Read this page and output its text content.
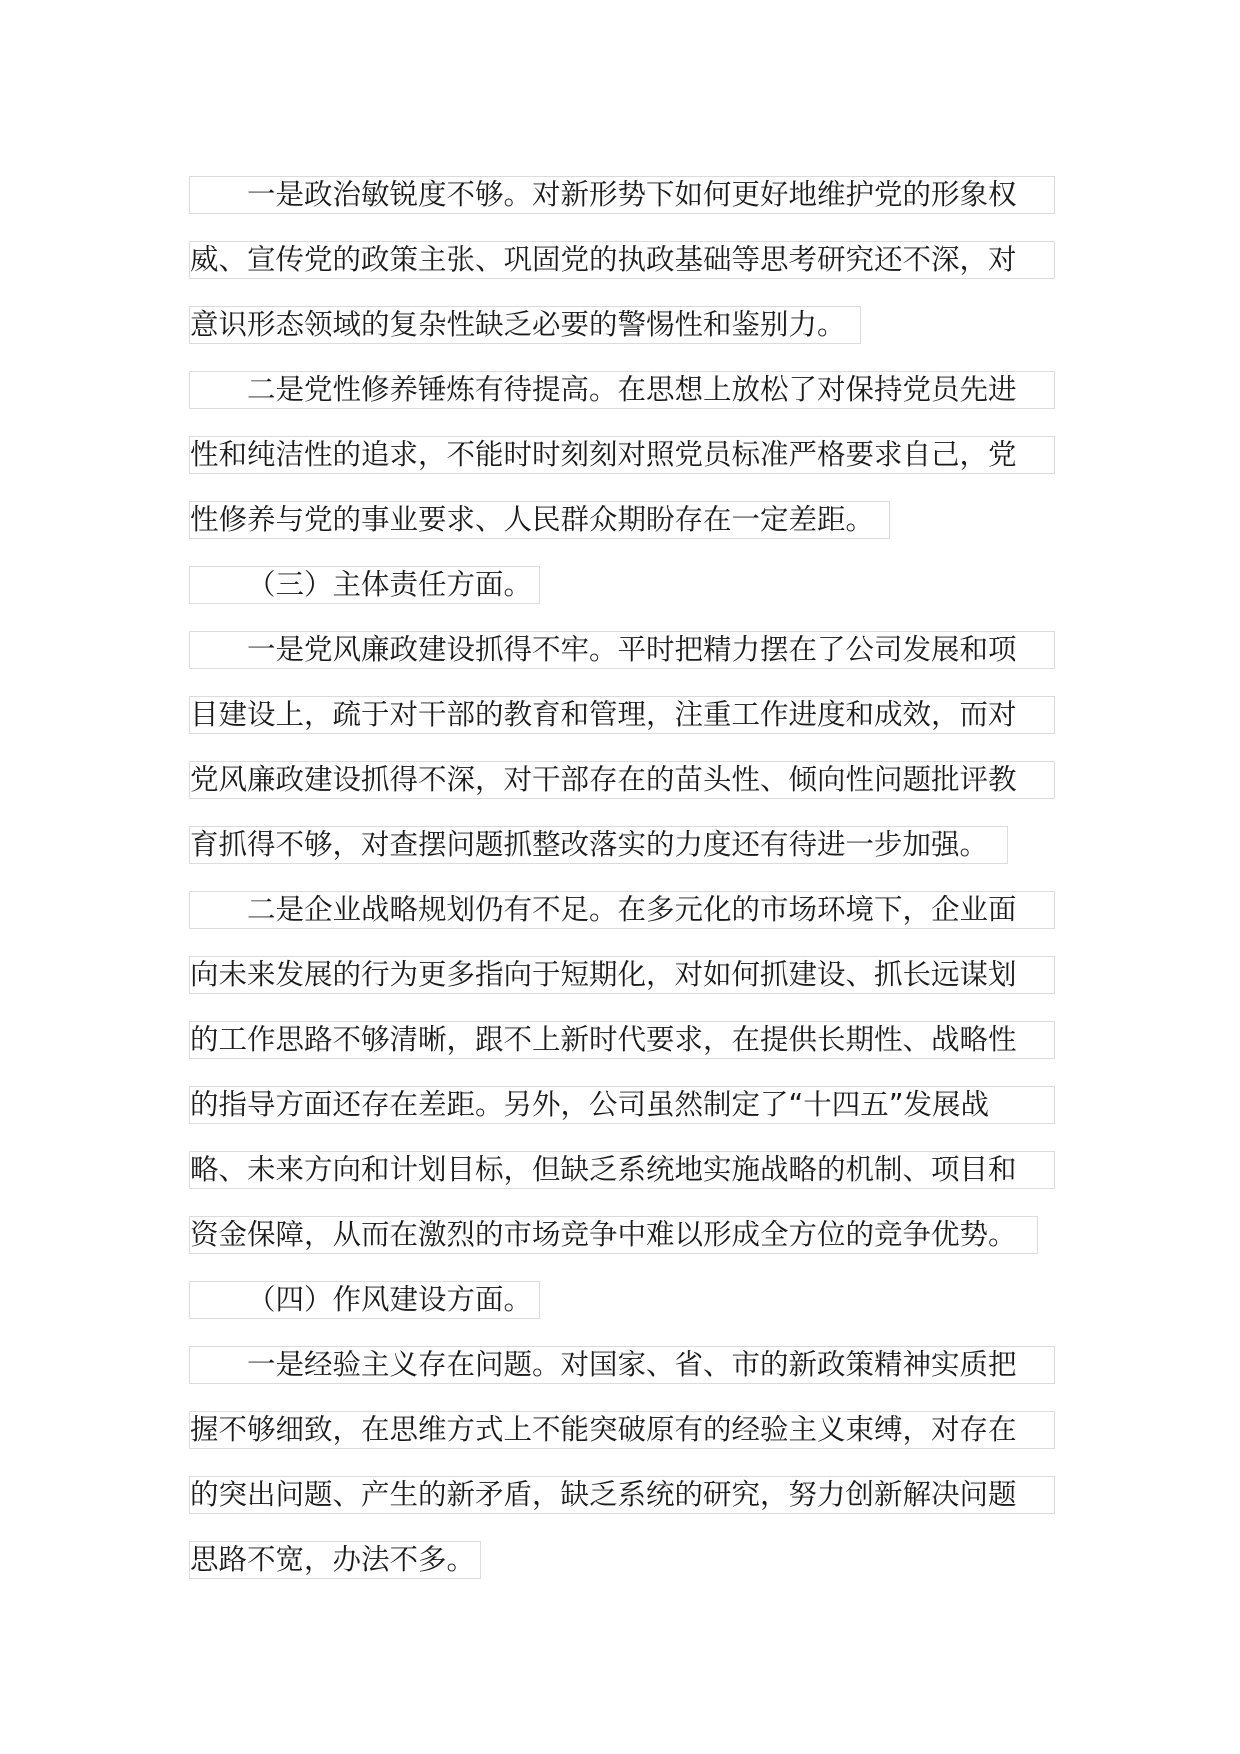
一是政治敏锐度不够。对新形势下如何更好地维护党的形象权
威、宣传党的政策主张、巩固党的执政基础等思考研究还不深，对
意识形态领域的复杂性缺乏必要的警惕性和鉴别力。
二是党性修养锤炼有待提高。在思想上放松了对保持党员先进
性和纯洁性的追求，不能时时刻刻对照党员标准严格要求自己，党
性修养与党的事业要求、人民群众期盼存在一定差距。
（三）主体责任方面。
一是党风廉政建设抓得不牢。平时把精力摆在了公司发展和项
目建设上，疏于对干部的教育和管理，注重工作进度和成效，而对
党风廉政建设抓得不深，对干部存在的苗头性、倾向性问题批评教
育抓得不够，对查摆问题抓整改落实的力度还有待进一步加强。
二是企业战略规划仍有不足。在多元化的市场环境下，企业面
向未来发展的行为更多指向于短期化，对如何抓建设、抓长远谋划
的工作思路不够清晰，跟不上新时代要求，在提供长期性、战略性
的指导方面还存在差距。另外，公司虽然制定了“十四五”发展战
略、未来方向和计划目标，但缺乏系统地实施战略的机制、项目和
资金保障，从而在激烈的市场竞争中难以形成全方位的竞争优势。
（四）作风建设方面。
一是经验主义存在问题。对国家、省、市的新政策精神实质把
握不够细致，在思维方式上不能突破原有的经验主义束缚，对存在
的突出问题、产生的新矛盾，缺乏系统的研究，努力创新解决问题
思路不宽，办法不多。
